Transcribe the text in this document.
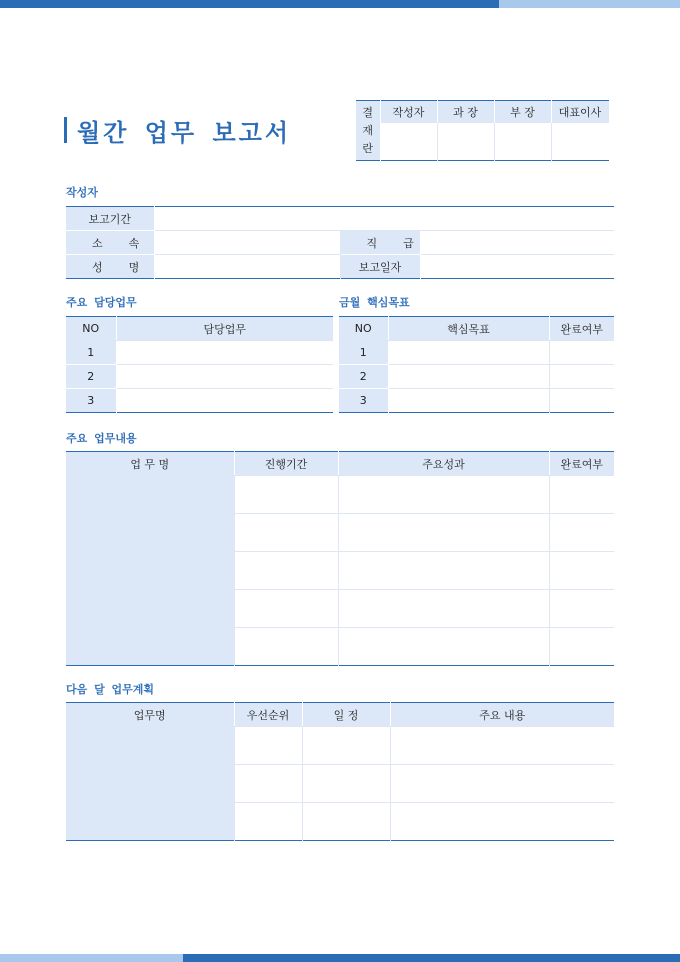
월간 업무 보고서
결
재
란	작성자	과 장	부 장	대표이사

작성자
보고기간			
소속		직급	
성명		보고일자	
주요 담당업무
NO	담당업무
1	
2	
3	
금월 핵심목표
NO	핵심목표	완료여부
1		
2		
3		
주요 업무내용
업 무 명	진행기간	주요성과	완료여부

다음 달 업무계획
업무명	우선순위	일 정	주요 내용
